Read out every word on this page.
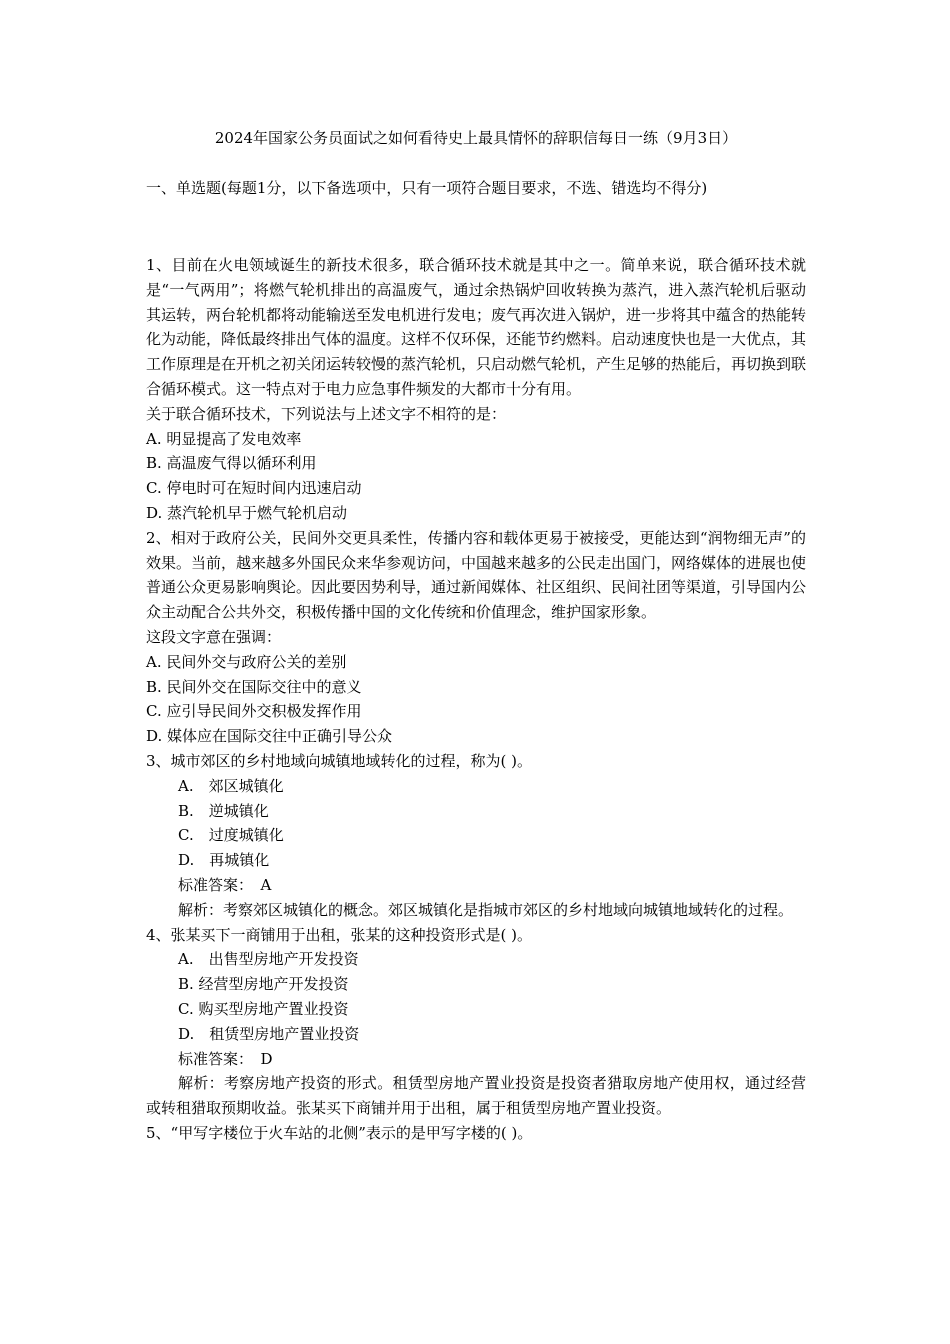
2024年国家公务员面试之如何看待史上最具情怀的辞职信每日一练（9月3日）
一、单选题(每题1分，以下备选项中，只有一项符合题目要求，不选、错选均不得分)

1、目前在火电领域诞生的新技术很多，联合循环技术就是其中之一。简单来说，联合循环技术就是“一气两用”；将燃气轮机排出的高温废气，通过余热锅炉回收转换为蒸汽，进入蒸汽轮机后驱动其运转，两台轮机都将动能输送至发电机进行发电；废气再次进入锅炉，进一步将其中蕴含的热能转化为动能，降低最终排出气体的温度。这样不仅环保，还能节约燃料。启动速度快也是一大优点，其工作原理是在开机之初关闭运转较慢的蒸汽轮机，只启动燃气轮机，产生足够的热能后，再切换到联合循环模式。这一特点对于电力应急事件频发的大都市十分有用。

关于联合循环技术，下列说法与上述文字不相符的是：

A. 明显提高了发电效率

B. 高温废气得以循环利用

C. 停电时可在短时间内迅速启动

D. 蒸汽轮机早于燃气轮机启动

2、相对于政府公关，民间外交更具柔性，传播内容和载体更易于被接受，更能达到“润物细无声”的效果。当前，越来越多外国民众来华参观访问，中国越来越多的公民走出国门，网络媒体的进展也使普通公众更易影响舆论。因此要因势利导，通过新闻媒体、社区组织、民间社团等渠道，引导国内公众主动配合公共外交，积极传播中国的文化传统和价值理念，维护国家形象。

这段文字意在强调：

A. 民间外交与政府公关的差别

B. 民间外交在国际交往中的意义

C. 应引导民间外交积极发挥作用

D. 媒体应在国际交往中正确引导公众

3、城市郊区的乡村地域向城镇地域转化的过程，称为( )。

A.　郊区城镇化

B.　逆城镇化

C.　过度城镇化

D.　再城镇化

标准答案：　A

解析：考察郊区城镇化的概念。郊区城镇化是指城市郊区的乡村地域向城镇地域转化的过程。

4、张某买下一商铺用于出租，张某的这种投资形式是( )。

A.　出售型房地产开发投资

B. 经营型房地产开发投资

C. 购买型房地产置业投资

D.　租赁型房地产置业投资

标准答案：　D

解析：考察房地产投资的形式。租赁型房地产置业投资是投资者猎取房地产使用权，通过经营或转租猎取预期收益。张某买下商铺并用于出租，属于租赁型房地产置业投资。

5、“甲写字楼位于火车站的北侧”表示的是甲写字楼的( )。
